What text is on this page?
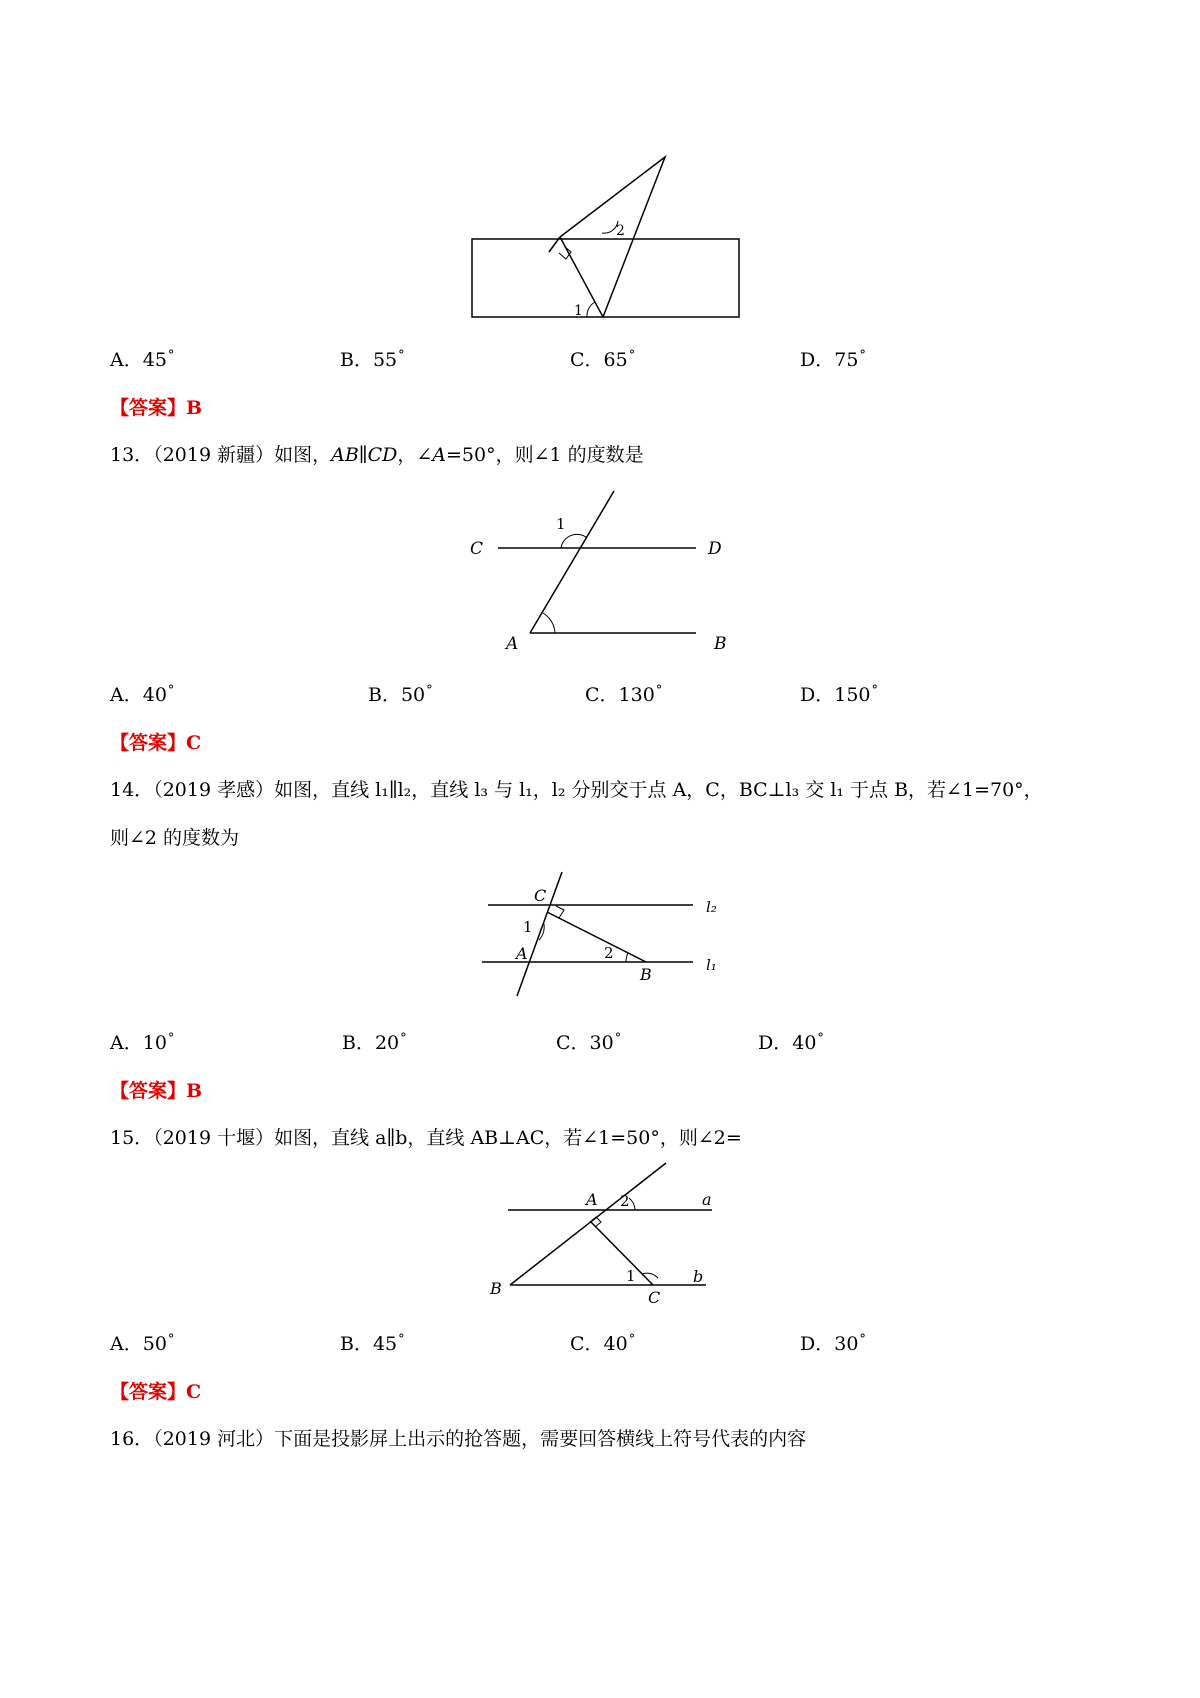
2
1
A．45°	B．55°	C．65°	D．75°
【答案】B
13．（2019 新疆）如图，AB∥CD，∠A=50°，则∠1 的度数是
C	D
A	B
1
A．40°	B．50°	C．130°	D．150°
【答案】C
14．（2019 孝感）如图，直线 l₁∥l₂，直线 l₃ 与 l₁，l₂ 分别交于点 A，C，BC⊥l₃ 交 l₁ 于点 B，若∠1=70°，
则∠2 的度数为
C
A
B
1
2
l₂
l₁
A．10°	B．20°	C．30°	D．40°
【答案】B
15．（2019 十堰）如图，直线 a∥b，直线 AB⊥AC，若∠1=50°，则∠2=
A
B	C
a
b
2
1
A．50°	B．45°	C．40°	D．30°
【答案】C
16．（2019 河北）下面是投影屏上出示的抢答题，需要回答横线上符号代表的内容
